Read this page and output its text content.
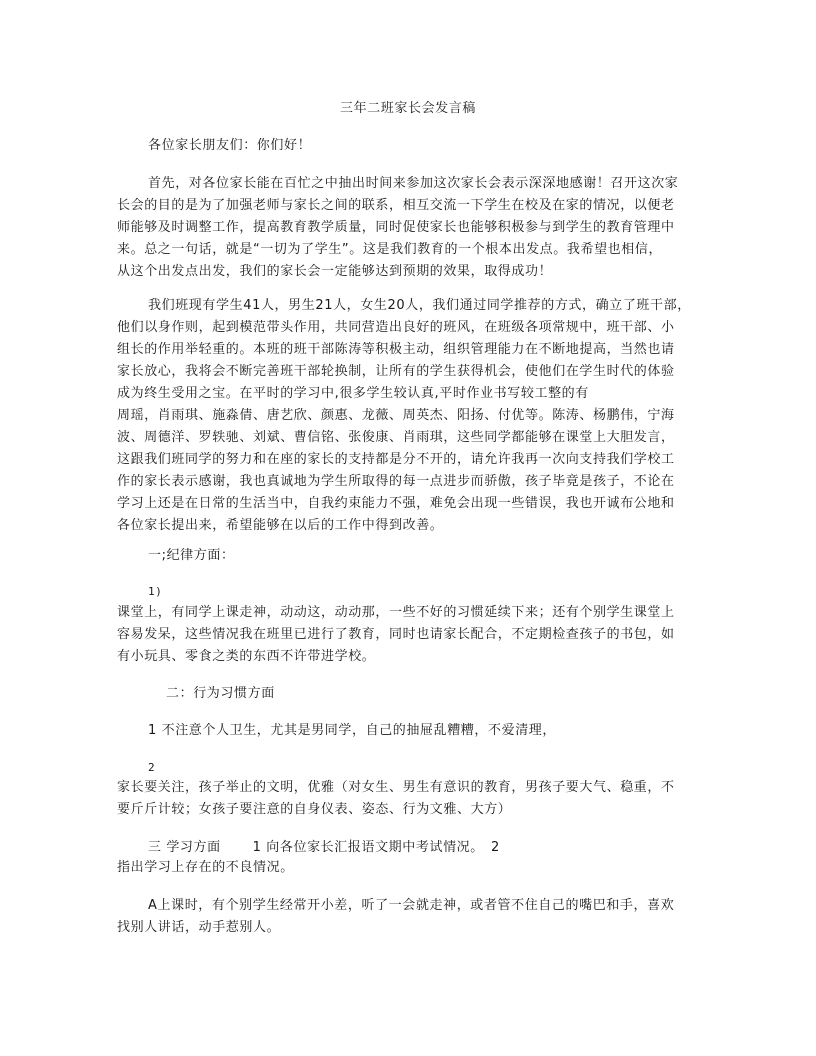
三年二班家长会发言稿
各位家长朋友们：你们好！
首先，对各位家长能在百忙之中抽出时间来参加这次家长会表示深深地感谢！召开这次家
长会的目的是为了加强老师与家长之间的联系，相互交流一下学生在校及在家的情况，以便老
师能够及时调整工作，提高教育教学质量，同时促使家长也能够积极参与到学生的教育管理中
来。总之一句话，就是“一切为了学生”。这是我们教育的一个根本出发点。我希望也相信，
从这个出发点出发，我们的家长会一定能够达到预期的效果，取得成功！
我们班现有学生41人，男生21人，女生20人，我们通过同学推荐的方式，确立了班干部，
他们以身作则，起到模范带头作用，共同营造出良好的班风，在班级各项常规中，班干部、小
组长的作用举轻重的。本班的班干部陈涛等积极主动，组织管理能力在不断地提高，当然也请
家长放心，我将会不断完善班干部轮换制，让所有的学生获得机会，使他们在学生时代的体验
成为终生受用之宝。在平时的学习中,很多学生较认真,平时作业书写较工整的有
周瑶，肖雨琪、施淼倩、唐艺欣、颜惠、龙薇、周英杰、阳扬、付优等。陈涛、杨鹏伟，宁海
波、周德洋、罗轶驰、刘斌、曹信铭、张俊康、肖雨琪，这些同学都能够在课堂上大胆发言，
这跟我们班同学的努力和在座的家长的支持都是分不开的，请允许我再一次向支持我们学校工
作的家长表示感谢，我也真诚地为学生所取得的每一点进步而骄傲，孩子毕竟是孩子，不论在
学习上还是在日常的生活当中，自我约束能力不强，难免会出现一些错误，我也开诚布公地和
各位家长提出来，希望能够在以后的工作中得到改善。
一;纪律方面：
1)
课堂上，有同学上课走神，动动这，动动那，一些不好的习惯延续下来；还有个别学生课堂上
容易发呆，这些情况我在班里已进行了教育，同时也请家长配合，不定期检查孩子的书包，如
有小玩具、零食之类的东西不许带进学校。
二：行为习惯方面
1 不注意个人卫生，尤其是男同学，自己的抽屉乱糟糟，不爱清理，
2
家长要关注，孩子举止的文明，优雅（对女生、男生有意识的教育，男孩子要大气、稳重，不
要斤斤计较；女孩子要注意的自身仪表、姿态、行为文雅、大方）
三 学习方面　　 1 向各位家长汇报语文期中考试情况。　2
指出学习上存在的不良情况。
A上课时，有个别学生经常开小差，听了一会就走神，或者管不住自己的嘴巴和手，喜欢
找别人讲话，动手惹别人。
